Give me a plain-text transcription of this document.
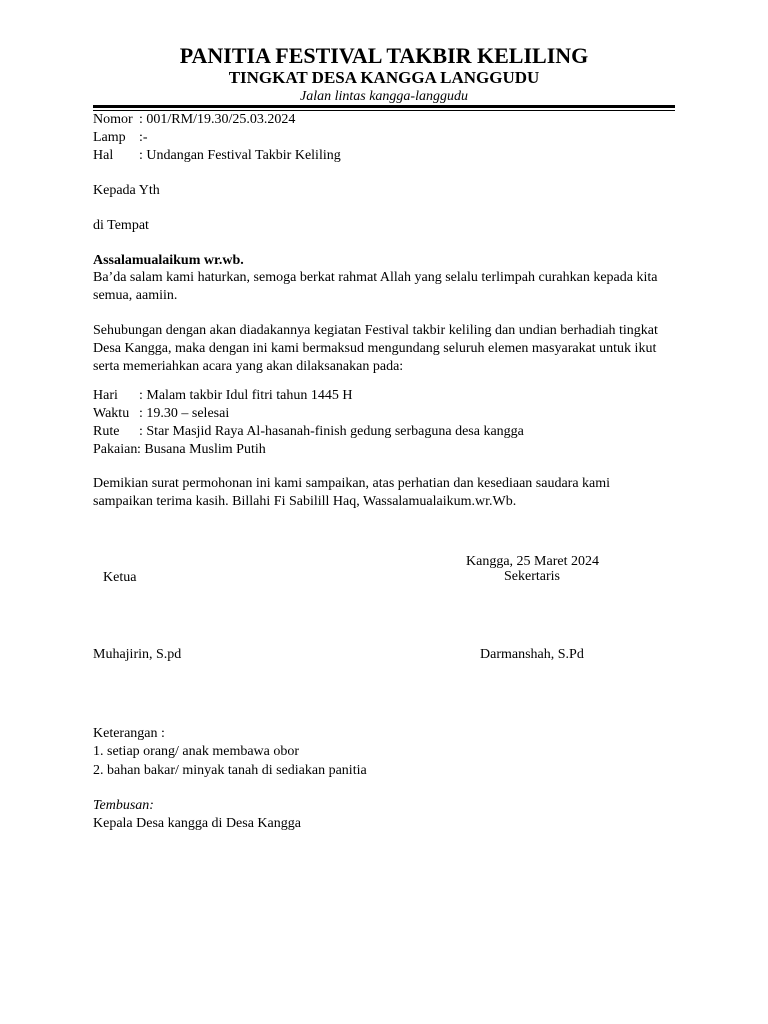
PANITIA FESTIVAL TAKBIR KELILING
TINGKAT DESA KANGGA LANGGUDU
Jalan lintas kangga-langgudu
Nomor : 001/RM/19.30/25.03.2024
Lamp :-
Hal : Undangan Festival Takbir Keliling
Kepada Yth
di Tempat
Assalamualaikum wr.wb.
Ba’da salam kami haturkan, semoga berkat rahmat Allah yang selalu terlimpah curahkan kepada kita semua, aamiin.
Sehubungan dengan akan diadakannya kegiatan Festival takbir keliling dan undian berhadiah tingkat Desa Kangga, maka dengan ini kami bermaksud mengundang seluruh elemen masyarakat untuk ikut serta memeriahkan acara yang akan dilaksanakan pada:
Hari : Malam takbir Idul fitri tahun 1445 H
Waktu : 19.30 – selesai
Rute : Star Masjid Raya Al-hasanah-finish gedung serbaguna desa kangga
Pakaian : Busana Muslim Putih
Demikian surat permohonan ini kami sampaikan, atas perhatian dan kesediaan saudara kami sampaikan terima kasih. Billahi Fi Sabilill Haq, Wassalamualaikum.wr.Wb.
Kangga, 25 Maret 2024
Ketua	Sekertaris
Muhajirin, S.pd	Darmanshah, S.Pd
Keterangan :
1. setiap orang/ anak membawa obor
2. bahan bakar/ minyak tanah di sediakan panitia
Tembusan:
Kepala Desa kangga di Desa Kangga
